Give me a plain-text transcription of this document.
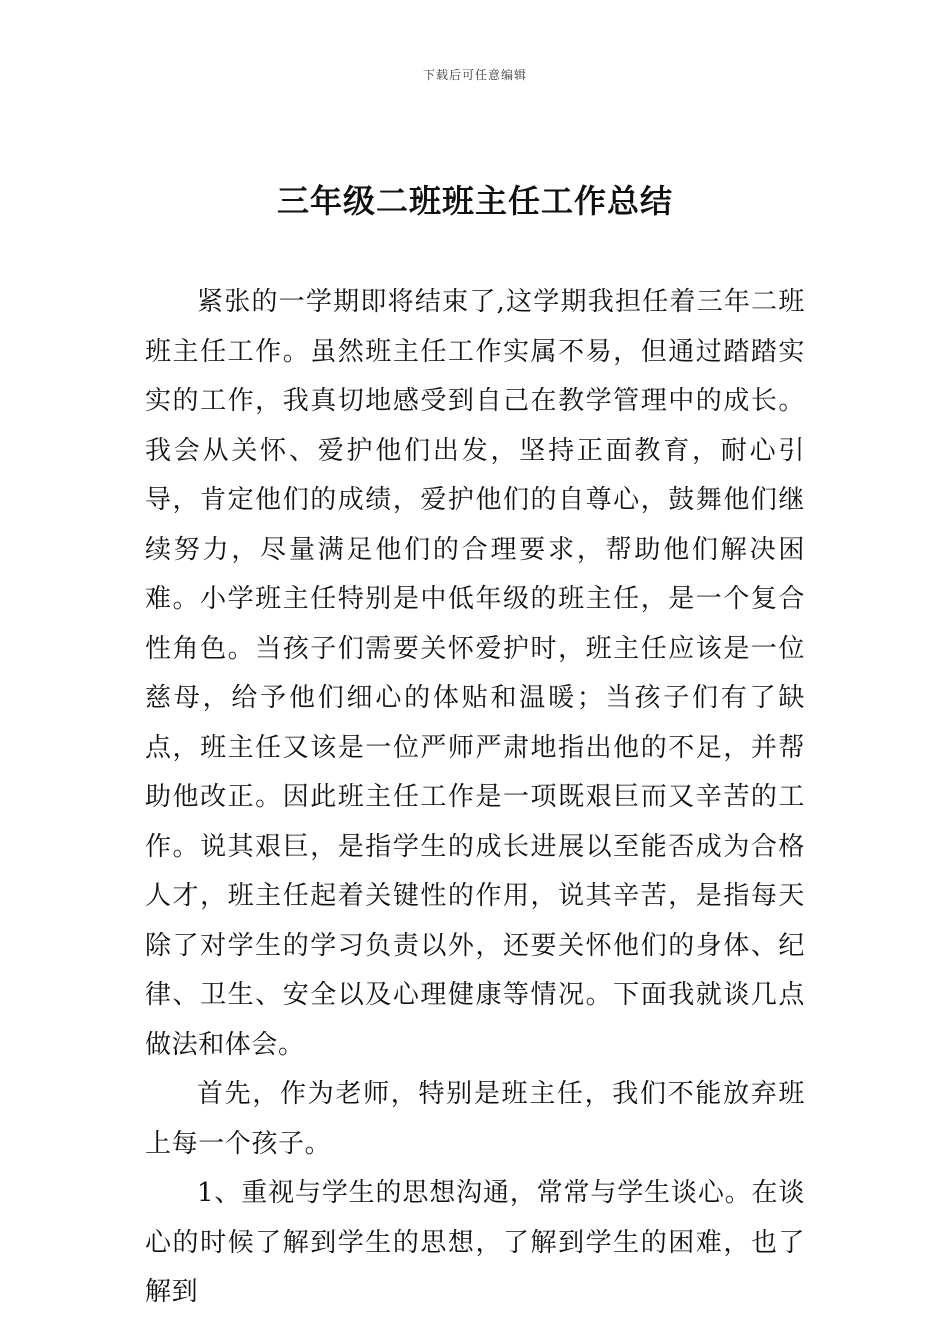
下载后可任意编辑
三年级二班班主任工作总结

紧张的一学期即将结束了,这学期我担任着三年二班班主任工作。虽然班主任工作实属不易，但通过踏踏实实的工作，我真切地感受到自己在教学管理中的成长。我会从关怀、爱护他们出发，坚持正面教育，耐心引导，肯定他们的成绩，爱护他们的自尊心，鼓舞他们继续努力，尽量满足他们的合理要求，帮助他们解决困难。小学班主任特别是中低年级的班主任，是一个复合性角色。当孩子们需要关怀爱护时，班主任应该是一位慈母，给予他们细心的体贴和温暖；当孩子们有了缺点，班主任又该是一位严师严肃地指出他的不足，并帮助他改正。因此班主任工作是一项既艰巨而又辛苦的工作。说其艰巨，是指学生的成长进展以至能否成为合格人才，班主任起着关键性的作用，说其辛苦，是指每天除了对学生的学习负责以外，还要关怀他们的身体、纪律、卫生、安全以及心理健康等情况。下面我就谈几点做法和体会。

首先，作为老师，特别是班主任，我们不能放弃班上每一个孩子。

1、重视与学生的思想沟通，常常与学生谈心。在谈心的时候了解到学生的思想，了解到学生的困难，也了解到
